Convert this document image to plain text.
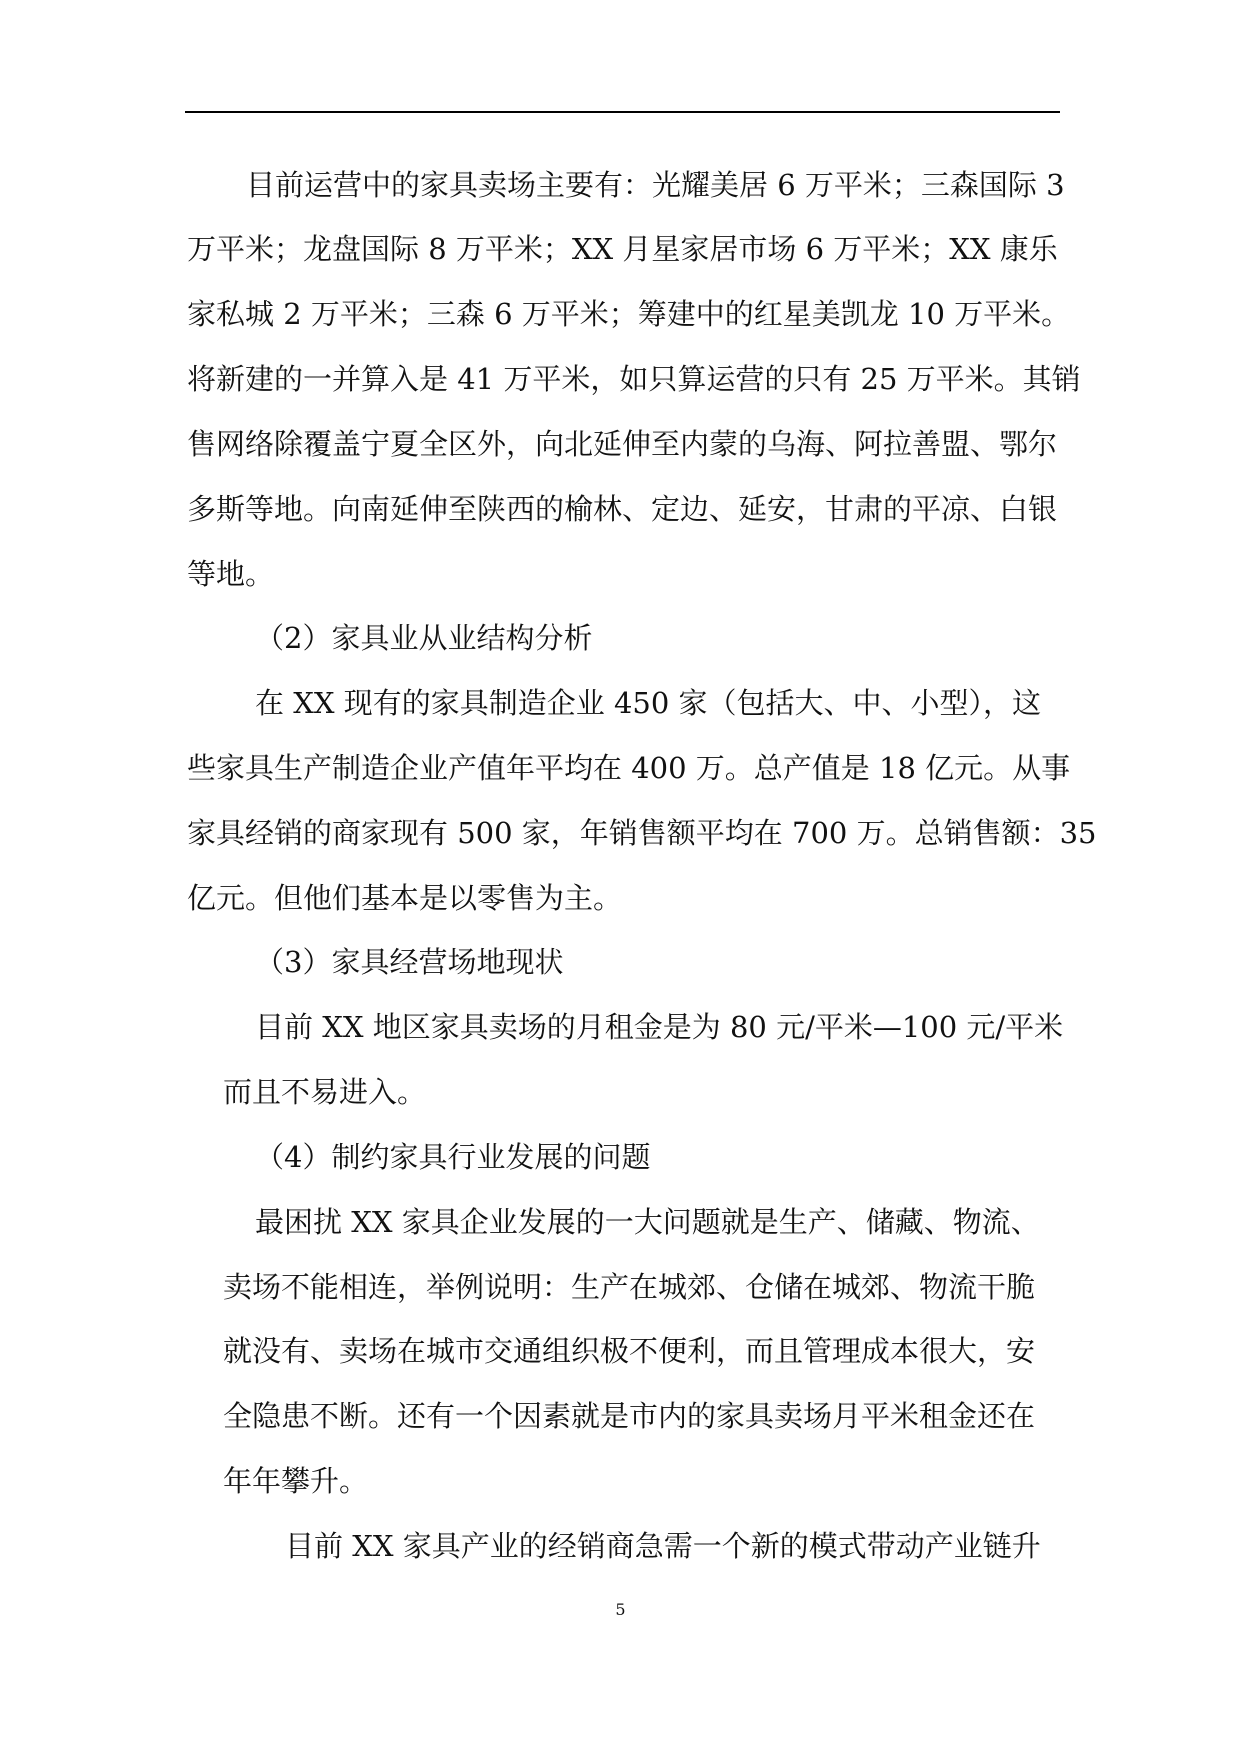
目前运营中的家具卖场主要有：光耀美居 6 万平米；三森国际 3
万平米；龙盘国际 8 万平米；XX 月星家居市场 6 万平米；XX 康乐
家私城 2 万平米；三森 6 万平米；筹建中的红星美凯龙 10 万平米。
将新建的一并算入是 41 万平米，如只算运营的只有 25 万平米。其销
售网络除覆盖宁夏全区外，向北延伸至内蒙的乌海、阿拉善盟、鄂尔
多斯等地。向南延伸至陕西的榆林、定边、延安，甘肃的平凉、白银
等地。
（2）家具业从业结构分析
在 XX 现有的家具制造企业 450 家（包括大、中、小型），这
些家具生产制造企业产值年平均在 400 万。总产值是 18 亿元。从事
家具经销的商家现有 500 家，年销售额平均在 700 万。总销售额：35
亿元。但他们基本是以零售为主。
（3）家具经营场地现状
目前 XX 地区家具卖场的月租金是为 80 元/平米—100 元/平米
而且不易进入。
（4）制约家具行业发展的问题
最困扰 XX 家具企业发展的一大问题就是生产、储藏、物流、
卖场不能相连，举例说明：生产在城郊、仓储在城郊、物流干脆
就没有、卖场在城市交通组织极不便利，而且管理成本很大，安
全隐患不断。还有一个因素就是市内的家具卖场月平米租金还在
年年攀升。
目前 XX 家具产业的经销商急需一个新的模式带动产业链升
5
